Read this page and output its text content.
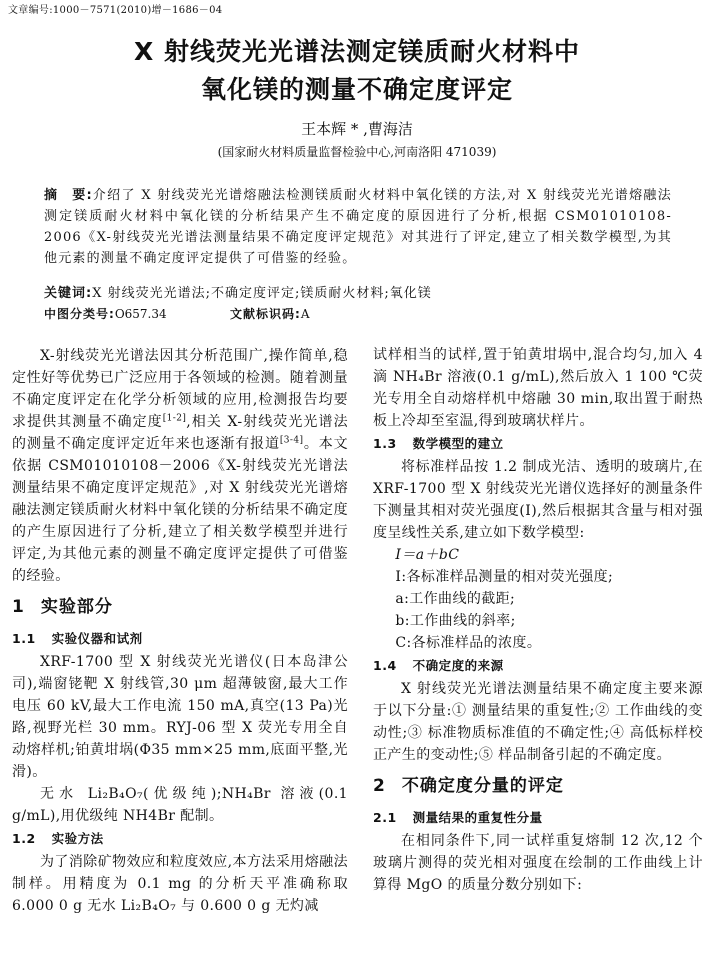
文章编号:1000－7571(2010)增－1686－04
X 射线荧光光谱法测定镁质耐火材料中
氧化镁的测量不确定度评定
王本辉 * ,曹海洁
(国家耐火材料质量监督检验中心,河南洛阳 471039)
摘　要:介绍了 X 射线荧光光谱熔融法检测镁质耐火材料中氧化镁的方法,对 X 射线荧光光谱熔融法测定镁质耐火材料中氧化镁的分析结果产生不确定度的原因进行了分析,根据 CSM01010108-2006《X-射线荧光光谱法测量结果不确定度评定规范》对其进行了评定,建立了相关数学模型,为其他元素的测量不确定度评定提供了可借鉴的经验。
关键词:X 射线荧光光谱法;不确定度评定;镁质耐火材料;氧化镁
中图分类号:O657.34	文献标识码:A

X-射线荧光光谱法因其分析范围广,操作简单,稳定性好等优势已广泛应用于各领域的检测。随着测量不确定度评定在化学分析领域的应用,检测报告均要求提供其测量不确定度[1-2],相关 X-射线荧光光谱法的测量不确定度评定近年来也逐渐有报道[3-4]。本文依据 CSM01010108－2006《X-射线荧光光谱法测量结果不确定度评定规范》,对 X 射线荧光光谱熔融法测定镁质耐火材料中氧化镁的分析结果不确定度的产生原因进行了分析,建立了相关数学模型并进行评定,为其他元素的测量不确定度评定提供了可借鉴的经验。

1 实验部分
1.1 实验仪器和试剂

XRF-1700 型 X 射线荧光光谱仪(日本岛津公司),端窗铑靶 X 射线管,30 μm 超薄铍窗,最大工作电压 60 kV,最大工作电流 150 mA,真空(13 Pa)光路,视野光栏 30 mm。RYJ-06 型 X 荧光专用全自动熔样机;铂黄坩埚(Φ35 mm×25 mm,底面平整,光滑)。

无水 Li₂B₄O₇(优级纯);NH₄Br 溶液(0.1 g/mL),用优级纯 NH4Br 配制。

1.2 实验方法

为了消除矿物效应和粒度效应,本方法采用熔融法制样。用精度为 0.1 mg 的分析天平准确称取 6.000 0 g 无水 Li₂B₄O₇ 与 0.600 0 g 无灼减

试样相当的试样,置于铂黄坩埚中,混合均匀,加入 4 滴 NH₄Br 溶液(0.1 g/mL),然后放入 1 100 ℃荧光专用全自动熔样机中熔融 30 min,取出置于耐热板上冷却至室温,得到玻璃状样片。

1.3 数学模型的建立

将标准样品按 1.2 制成光洁、透明的玻璃片,在 XRF-1700 型 X 射线荧光光谱仪选择好的测量条件下测量其相对荧光强度(I),然后根据其含量与相对强度呈线性关系,建立如下数学模型:

I＝a＋bC

I:各标准样品测量的相对荧光强度;

a:工作曲线的截距;

b:工作曲线的斜率;

C:各标准样品的浓度。

1.4 不确定度的来源

X 射线荧光光谱法测量结果不确定度主要来源于以下分量:① 测量结果的重复性;② 工作曲线的变动性;③ 标准物质标准值的不确定性;④ 高低标样校正产生的变动性;⑤ 样品制备引起的不确定度。

2 不确定度分量的评定
2.1 测量结果的重复性分量

在相同条件下,同一试样重复熔制 12 次,12 个玻璃片测得的荧光相对强度在绘制的工作曲线上计算得 MgO 的质量分数分别如下:
